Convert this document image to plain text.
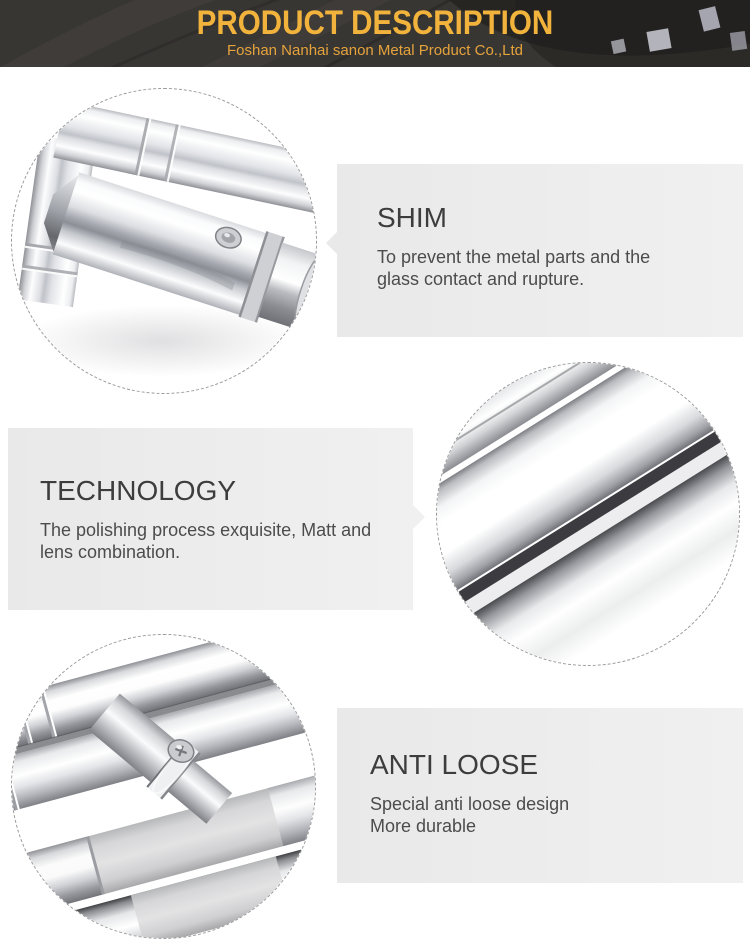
PRODUCT DESCRIPTION
Foshan Nanhai sanon Metal Product Co.,Ltd
SHIM

To prevent the metal parts and the glass contact and rupture.

TECHNOLOGY

The polishing process exquisite, Matt and lens combination.

ANTI LOOSE
Special anti loose design
More durable
